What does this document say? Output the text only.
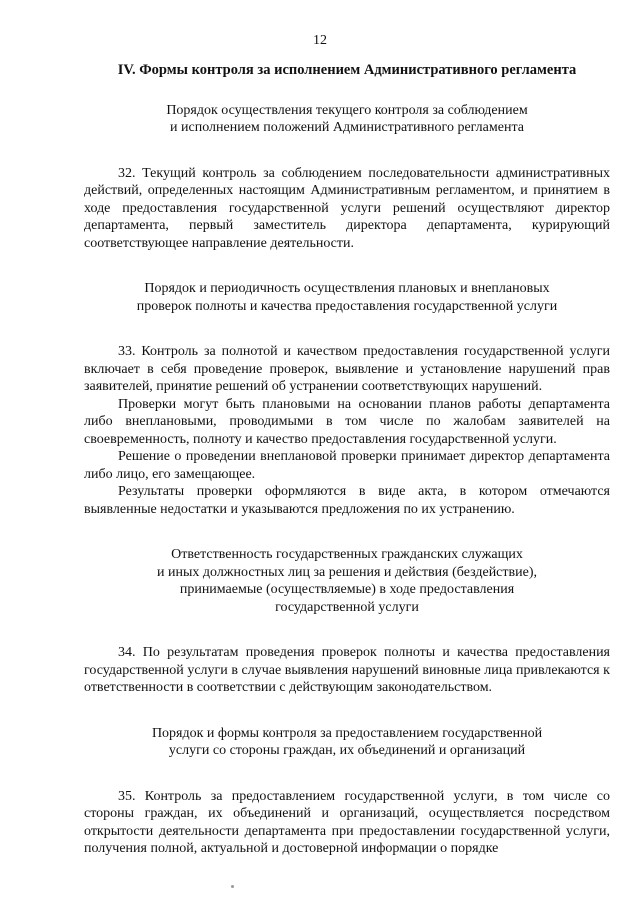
12
IV. Формы контроля за исполнением Административного регламента
Порядок осуществления текущего контроля за соблюдением
и исполнением положений Административного регламента

32. Текущий контроль за соблюдением последовательности административных действий, определенных настоящим Административным регламентом, и принятием в ходе предоставления государственной услуги решений осуществляют директор департамента, первый заместитель директора департамента, курирующий соответствующее направление деятельности.

Порядок и периодичность осуществления плановых и внеплановых
проверок полноты и качества предоставления государственной услуги

33. Контроль за полнотой и качеством предоставления государственной услуги включает в себя проведение проверок, выявление и установление нарушений прав заявителей, принятие решений об устранении соответствующих нарушений.

Проверки могут быть плановыми на основании планов работы департамента либо внеплановыми, проводимыми в том числе по жалобам заявителей на своевременность, полноту и качество предоставления государственной услуги.

Решение о проведении внеплановой проверки принимает директор департамента либо лицо, его замещающее.

Результаты проверки оформляются в виде акта, в котором отмечаются выявленные недостатки и указываются предложения по их устранению.

Ответственность государственных гражданских служащих
и иных должностных лиц за решения и действия (бездействие),
принимаемые (осуществляемые) в ходе предоставления
государственной услуги

34. По результатам проведения проверок полноты и качества предоставления государственной услуги в случае выявления нарушений виновные лица привлекаются к ответственности в соответствии с действующим законодательством.

Порядок и формы контроля за предоставлением государственной
услуги со стороны граждан, их объединений и организаций

35. Контроль за предоставлением государственной услуги, в том числе со стороны граждан, их объединений и организаций, осуществляется посредством открытости деятельности департамента при предоставлении государственной услуги, получения полной, актуальной и достоверной информации о порядке
